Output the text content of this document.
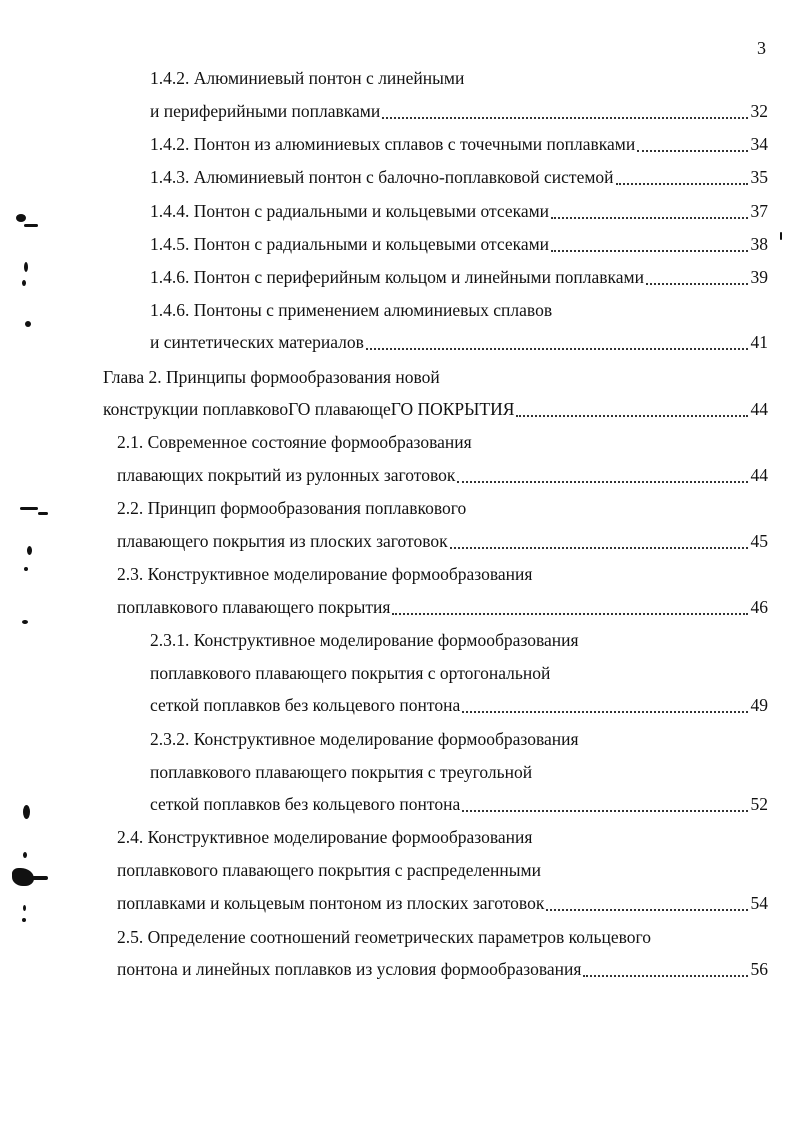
3
1.4.2. Алюминиевый понтон с линейными
и периферийными поплавками	32
1.4.2. Понтон из алюминиевых сплавов с точечными поплавками	34
1.4.3. Алюминиевый понтон с балочно-поплавковой системой	35
1.4.4. Понтон с радиальными и кольцевыми отсеками	37
1.4.5. Понтон с радиальными и кольцевыми отсеками	38
1.4.6. Понтон с периферийным кольцом и линейными поплавками	39
1.4.6. Понтоны с применением алюминиевых сплавов
и синтетических материалов	41
Глава 2. Принципы формообразования новой
конструкции поплавковоГО плавающеГО ПОКРЫТИЯ	44
2.1. Современное состояние формообразования
плавающих покрытий из рулонных заготовок	44
2.2. Принцип формообразования поплавкового
плавающего покрытия из плоских заготовок	45
2.3. Конструктивное моделирование формообразования
поплавкового плавающего покрытия	46
2.3.1. Конструктивное моделирование формообразования
поплавкового плавающего покрытия с ортогональной
сеткой поплавков без кольцевого понтона	49
2.3.2. Конструктивное моделирование формообразования
поплавкового плавающего покрытия с треугольной
сеткой поплавков без кольцевого понтона	52
2.4. Конструктивное моделирование формообразования
поплавкового плавающего покрытия с распределенными
поплавками и кольцевым понтоном из плоских заготовок	54
2.5. Определение соотношений геометрических параметров кольцевого
понтона и линейных поплавков из условия формообразования	56
